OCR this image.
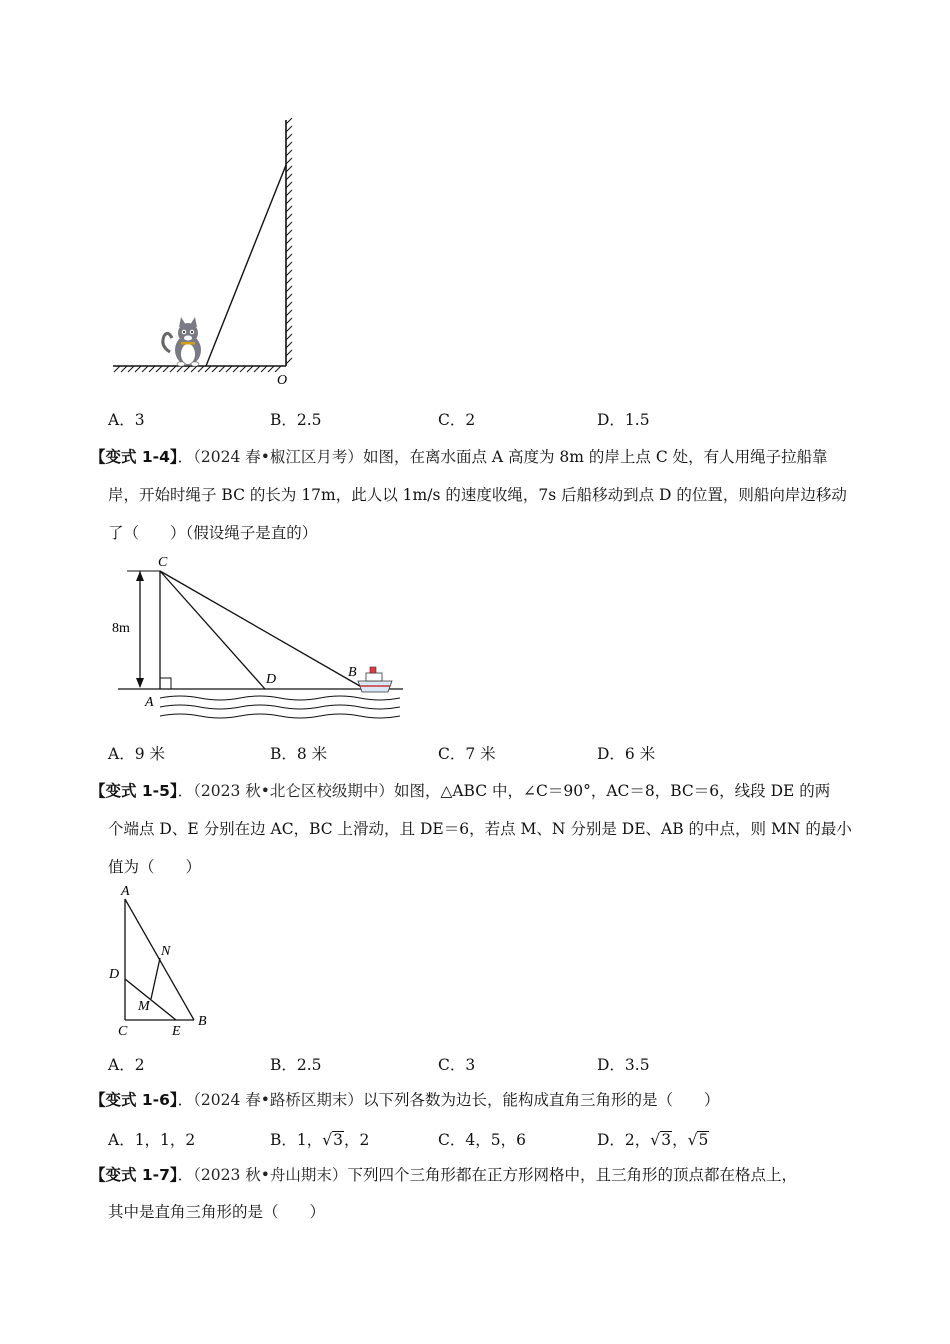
O
A．3	B．2.5	C．2	D．1.5
【变式 1-4】．（2024 春•椒江区月考）如图，在离水面点 A 高度为 8m 的岸上点 C 处，有人用绳子拉船靠
岸，开始时绳子 BC 的长为 17m，此人以 1m/s 的速度收绳，7s 后船移动到点 D 的位置，则船向岸边移动
了（　　）（假设绳子是直的）
8m
C
A
D	B
A．9 米	B．8 米	C．7 米	D．6 米
【变式 1-5】．（2023 秋•北仑区校级期中）如图，△ABC 中，∠C＝90°，AC＝8，BC＝6，线段 DE 的两
个端点 D、E 分别在边 AC，BC 上滑动，且 DE＝6，若点 M、N 分别是 DE、AB 的中点，则 MN 的最小
值为（　　）
A
N
D
M
C	E
B
A．2	B．2.5	C．3	D．3.5
【变式 1-6】．（2024 春•路桥区期末）以下列各数为边长，能构成直角三角形的是（　　）
A．1，1，2	B．1，√3，2	C．4，5，6	D．2，√3，√5
【变式 1-7】．（2023 秋•舟山期末）下列四个三角形都在正方形网格中，且三角形的顶点都在格点上，
其中是直角三角形的是（　　）
